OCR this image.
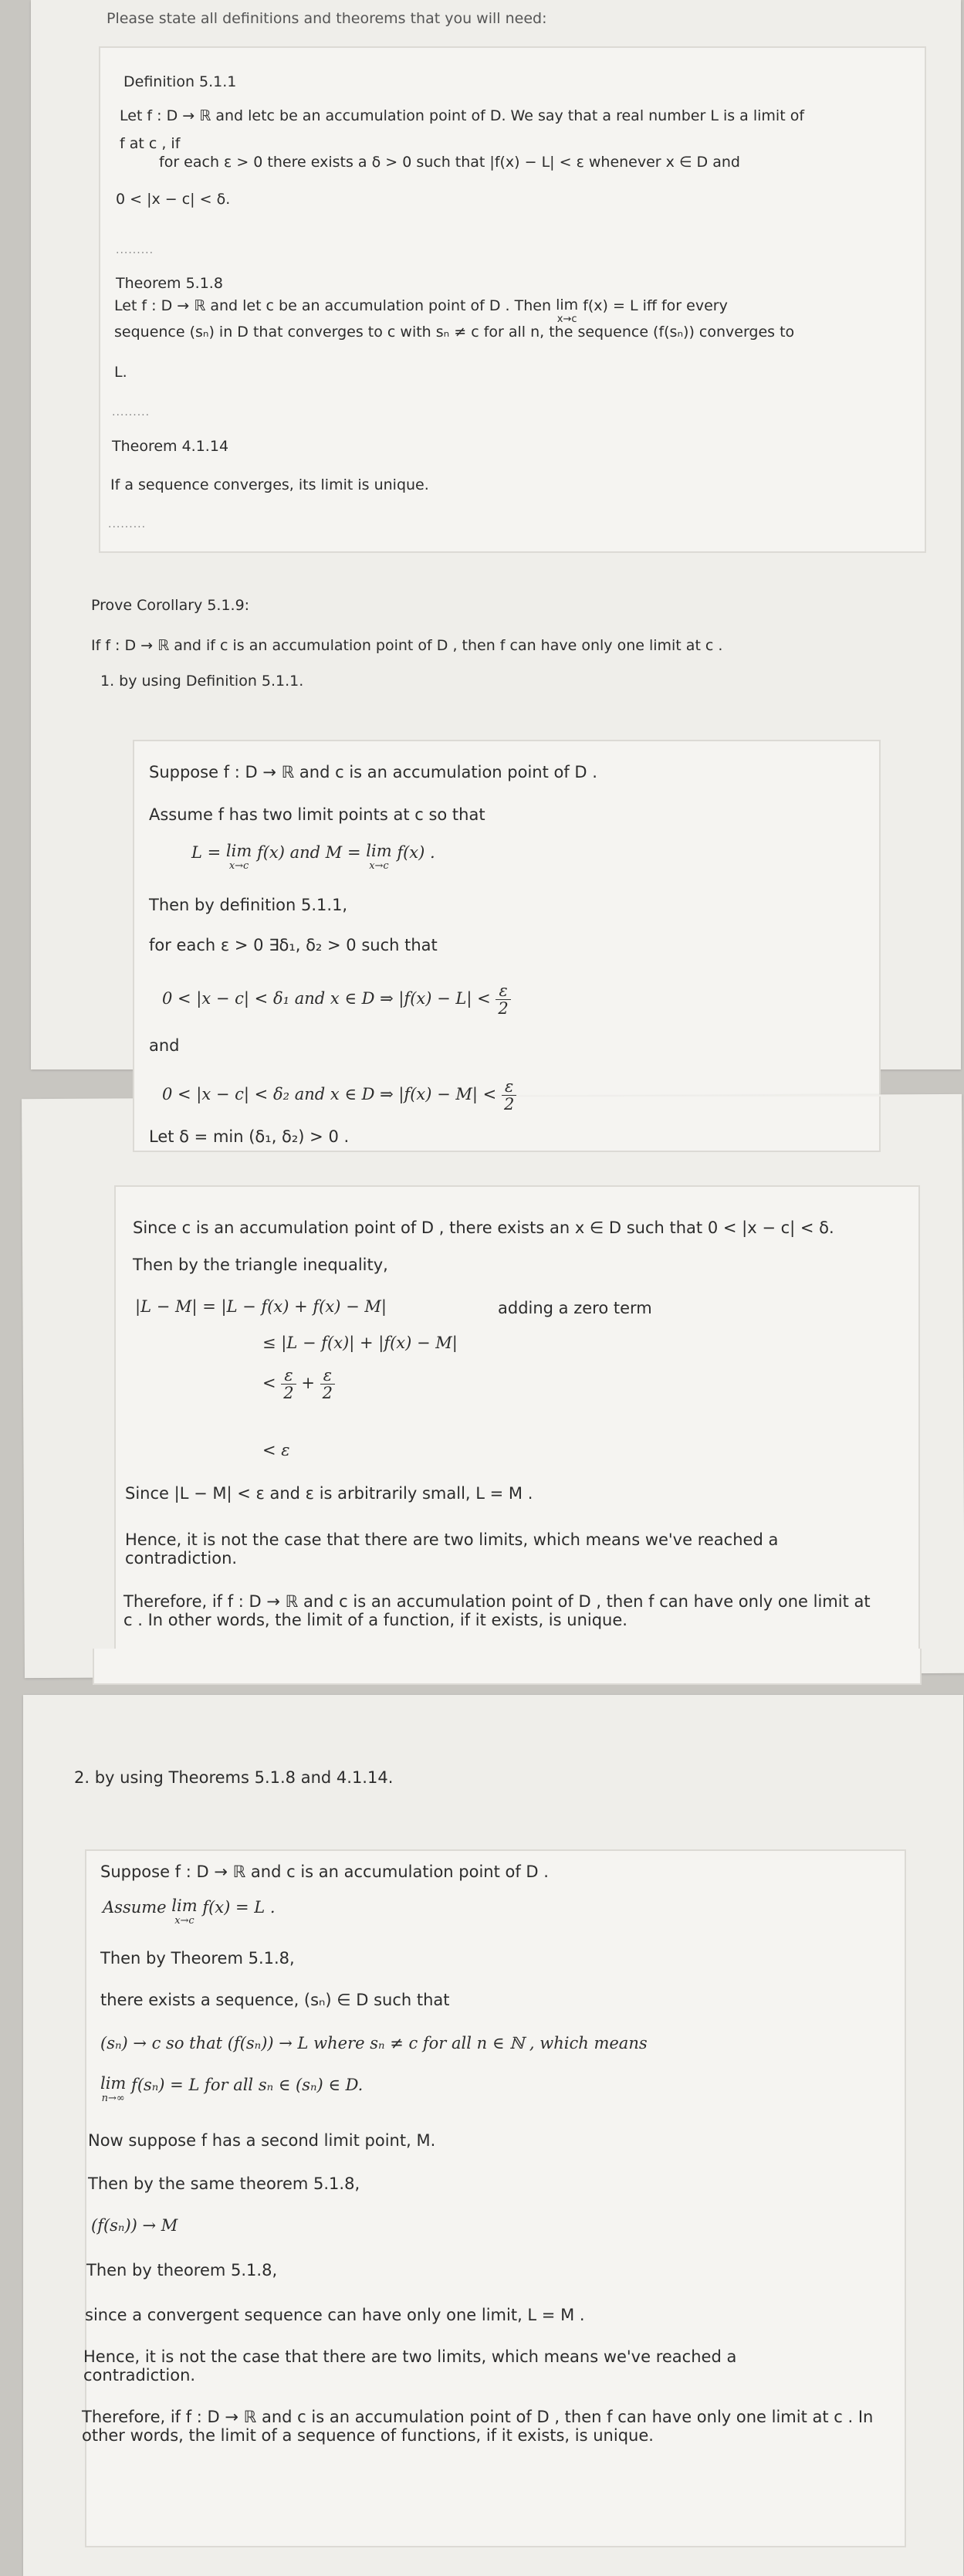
Please state all definitions and theorems that you will need:
Definition 5.1.1
Let f : D → ℝ and letc be an accumulation point of D. We say that a real number L is a limit of
f at c , if
for each ε > 0 there exists a δ > 0 such that |f(x) − L| < ε whenever x ∈ D and
0 < |x − c| < δ.
·········
Theorem 5.1.8
Let f : D → ℝ and let c be an accumulation point of D . Then lim
x→c
f(x) = L iff for every
sequence (sₙ) in D that converges to c with sₙ ≠ c for all n, the sequence (f(sₙ)) converges to
L.
·········
Theorem 4.1.14
If a sequence converges, its limit is unique.
·········
Prove Corollary 5.1.9:
If f : D → ℝ and if c is an accumulation point of D , then f can have only one limit at c .
1. by using Definition 5.1.1.
Suppose f : D → ℝ and c is an accumulation point of D .
Assume f has two limit points at c so that
L = lim
x→c
f(x) and M = lim
x→c
f(x) .
Then by definition 5.1.1,
for each ε > 0 ∃δ₁, δ₂ > 0 such that
0 < |x − c| < δ₁ and x ∈ D ⇒ $|f(x) - L| < \frac{\varepsilon}{2}$
and
0 < |x − c| < δ₂ and x ∈ D ⇒ $|f(x) - M| < \frac{\varepsilon}{2}$
Let δ = min (δ₁, δ₂) > 0 .
Since c is an accumulation point of D , there exists an x ∈ D such that 0 < |x − c| < δ.
Then by the triangle inequality,
|L − M| = |L − f(x) + f(x) − M|	adding a zero term
≤ |L − f(x)| + |f(x) − M|
< $\frac{\varepsilon}{2} + \frac{\varepsilon}{2}$
< ε
Since |L − M| < ε and ε is arbitrarily small, L = M .
Hence, it is not the case that there are two limits, which means we've reached a contradiction.
Therefore, if f : D → ℝ and c is an accumulation point of D , then f can have only one limit at c . In other words, the limit of a function, if it exists, is unique.
2. by using Theorems 5.1.8 and 4.1.14.
Suppose f : D → ℝ and c is an accumulation point of D .
Assume lim
x→c
f(x) = L .
Then by Theorem 5.1.8,
there exists a sequence, (sₙ) ∈ D such that
(sₙ) → c so that (f(sₙ)) → L where sₙ ≠ c for all n ∈ ℕ , which means
lim
n→∞
f(sₙ) = L for all sₙ ∈ (sₙ) ∈ D.
Now suppose f has a second limit point, M.
Then by the same theorem 5.1.8,
(f(sₙ)) → M
Then by theorem 5.1.8,
since a convergent sequence can have only one limit, L = M .
Hence, it is not the case that there are two limits, which means we've reached a contradiction.
Therefore, if f : D → ℝ and c is an accumulation point of D , then f can have only one limit at c . In other words, the limit of a sequence of functions, if it exists, is unique.
